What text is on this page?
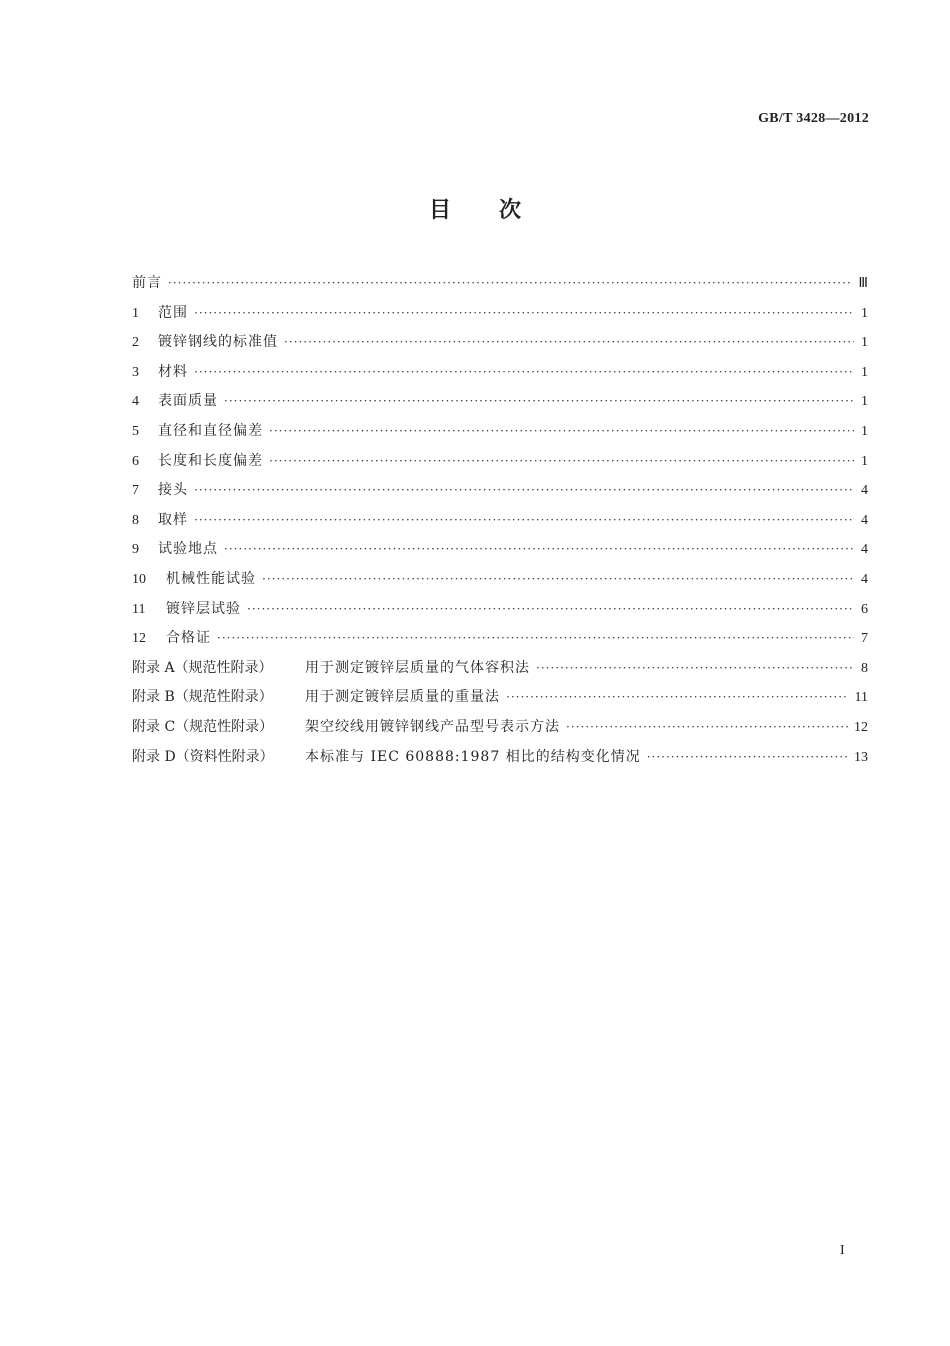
GB/T 3428—2012
目次
前言 ·····	Ⅲ
1	范围 ·····	1
2	镀锌钢线的标准值 ·····	1
3	材料 ·····	1
4	表面质量 ·····	1
5	直径和直径偏差 ·····	1
6	长度和长度偏差 ·····	1
7	接头 ·····	4
8	取样 ·····	4
9	试验地点 ·····	4
10	机械性能试验 ·····	4
11	镀锌层试验 ·····	6
12	合格证 ·····	7
附录 A（规范性附录）	用于测定镀锌层质量的气体容积法 ·····	8
附录 B（规范性附录）	用于测定镀锌层质量的重量法 ·····	11
附录 C（规范性附录）	架空绞线用镀锌钢线产品型号表示方法 ·····	12
附录 D（资料性附录）	本标准与 IEC 60888:1987 相比的结构变化情况 ·····	13
I
